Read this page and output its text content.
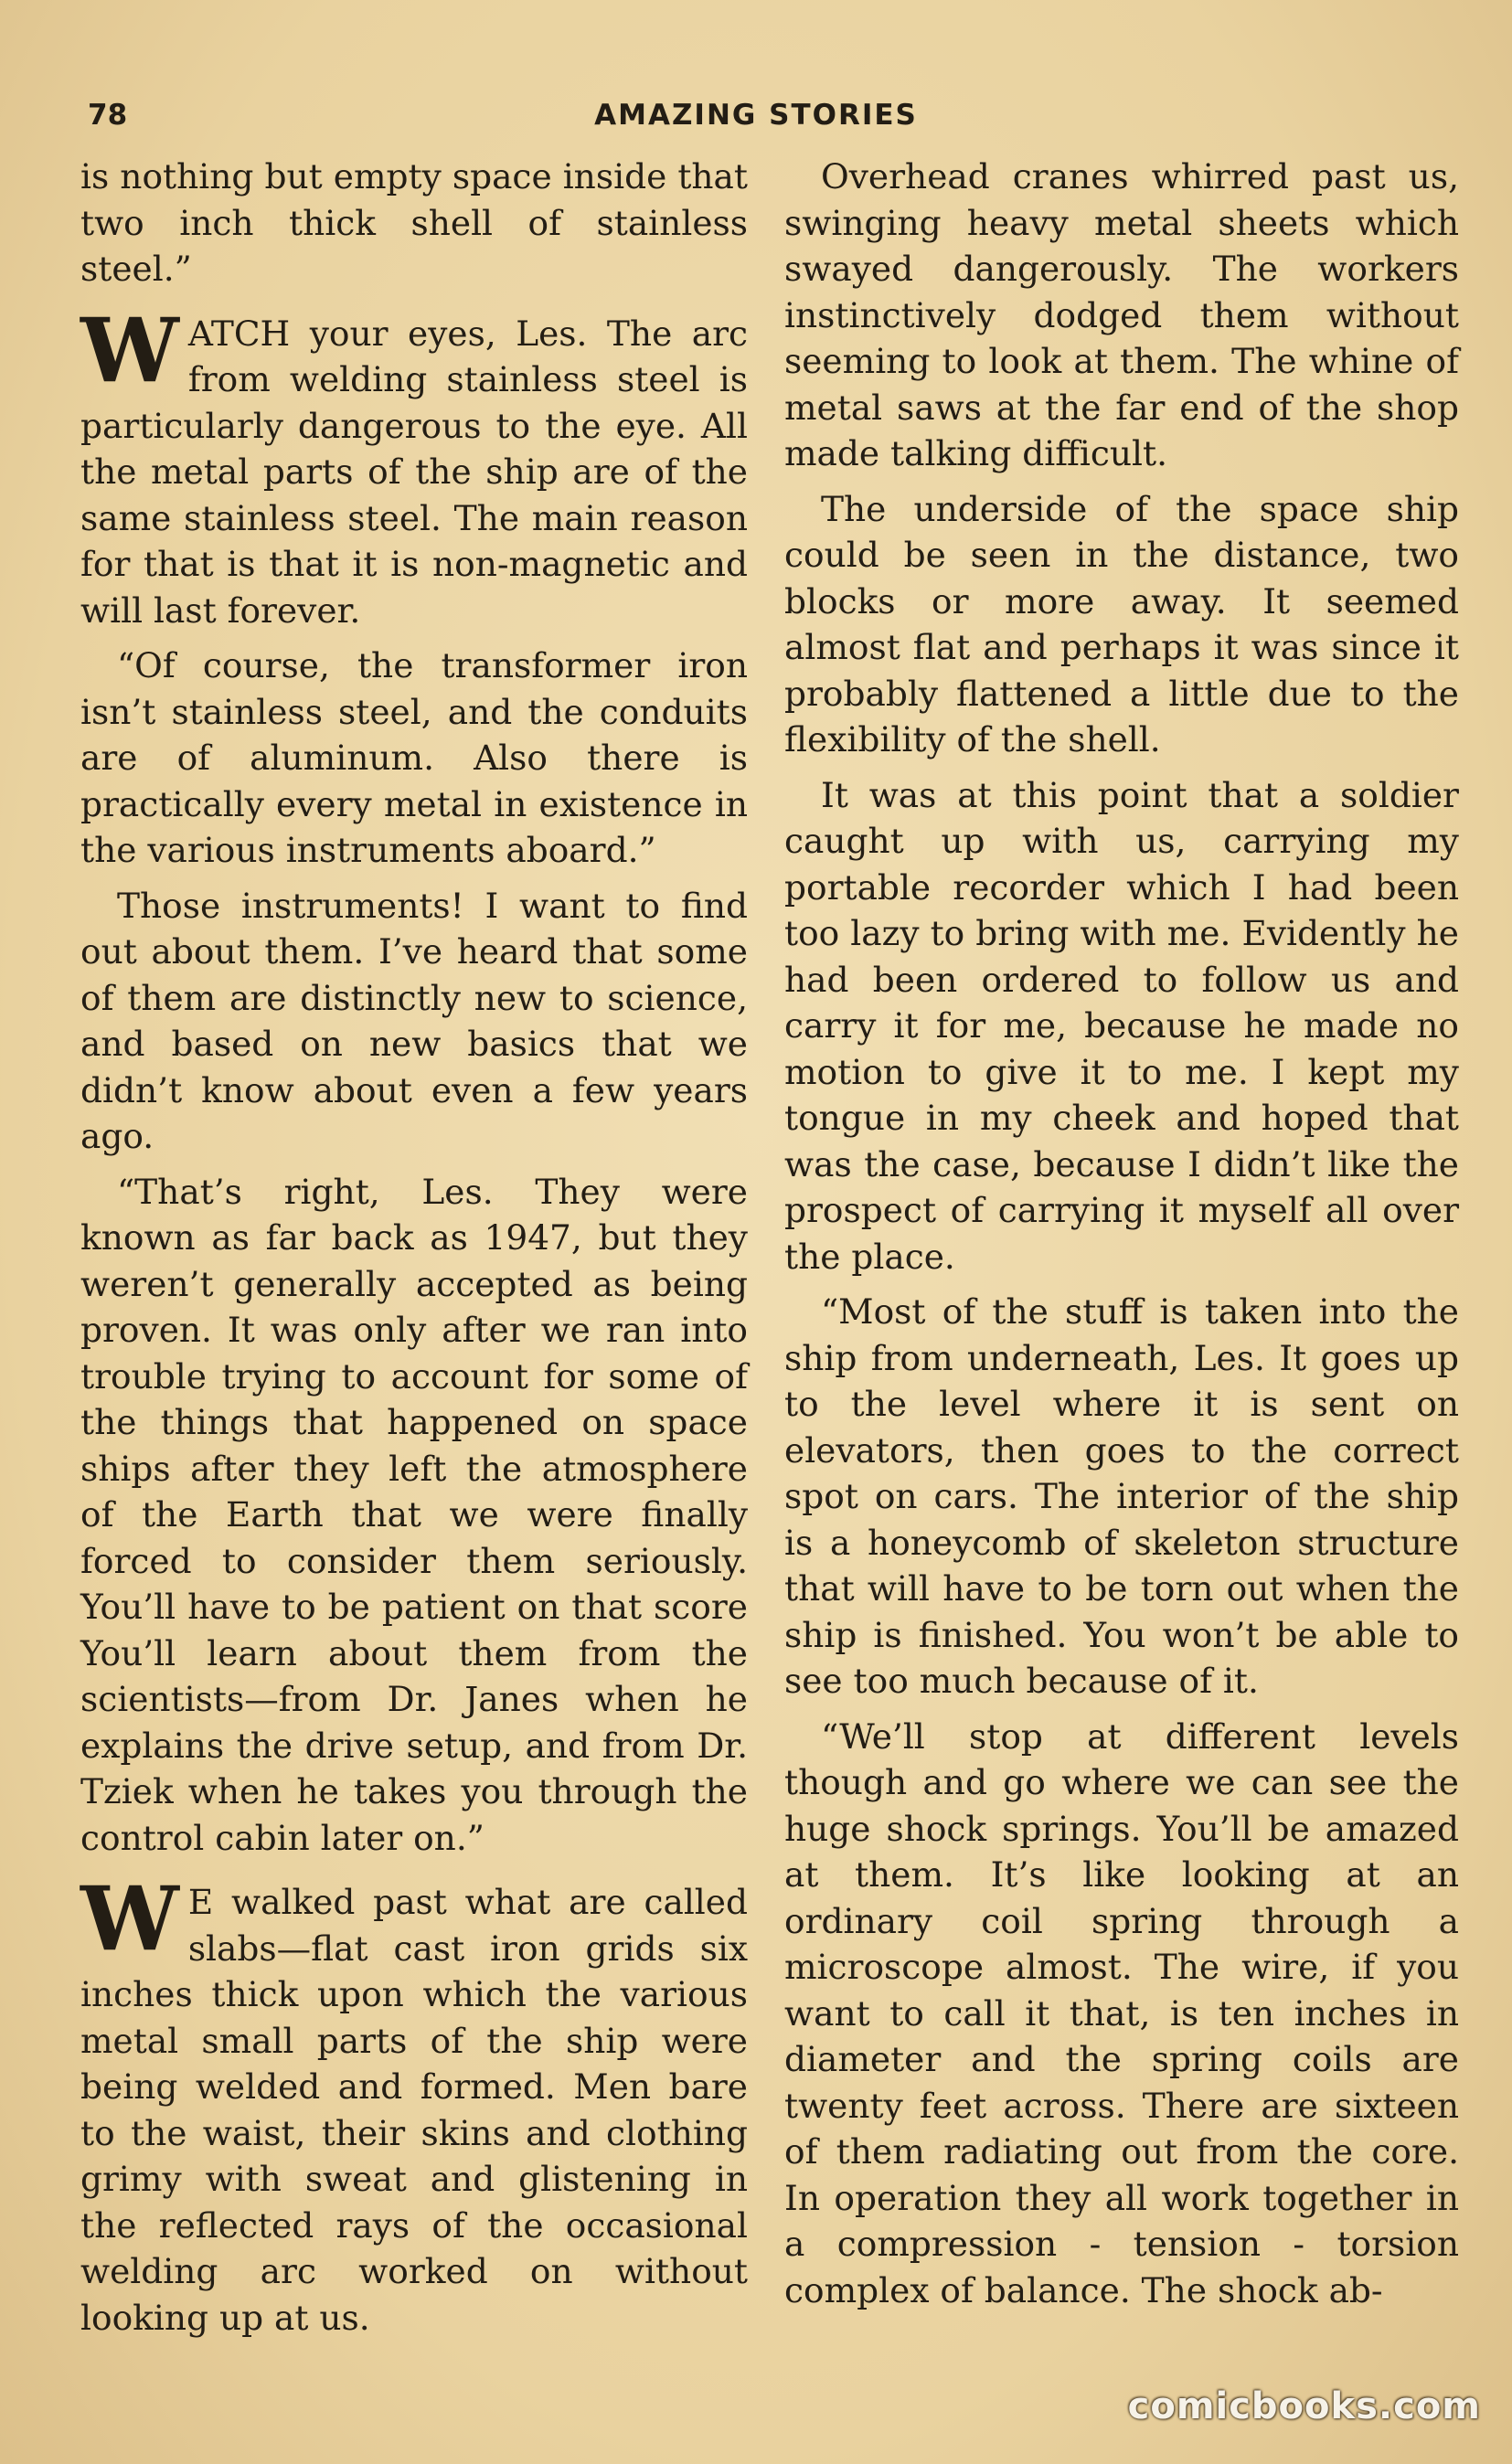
78	AMAZING STORIES

is nothing but empty space inside that two inch thick shell of stainless steel.”

WATCH your eyes, Les. The arc from welding stainless steel is particularly dangerous to the eye. All the metal parts of the ship are of the same stainless steel. The main reason for that is that it is non-magnetic and will last forever.

“Of course, the transformer iron isn’t stainless steel, and the conduits are of aluminum. Also there is practically every metal in existence in the various instruments aboard.”

Those instruments! I want to find out about them. I’ve heard that some of them are distinctly new to science, and based on new basics that we didn’t know about even a few years ago.

“That’s right, Les. They were known as far back as 1947, but they weren’t generally accepted as being proven. It was only after we ran into trouble trying to account for some of the things that happened on space ships after they left the atmosphere of the Earth that we were finally forced to consider them seriously. You’ll have to be patient on that score You’ll learn about them from the scientists—from Dr. Janes when he explains the drive setup, and from Dr. Tziek when he takes you through the control cabin later on.”

W E walked past what are called slabs—flat cast iron grids six inches thick upon which the various metal small parts of the ship were being welded and formed. Men bare to the waist, their skins and clothing grimy with sweat and glistening in the reflected rays of the occasional welding arc worked on without looking up at us.

Overhead cranes whirred past us, swinging heavy metal sheets which swayed dangerously. The workers instinctively dodged them without seeming to look at them. The whine of metal saws at the far end of the shop made talking difficult.

The underside of the space ship could be seen in the distance, two blocks or more away. It seemed almost flat and perhaps it was since it probably flattened a little due to the flexibility of the shell.

It was at this point that a soldier caught up with us, carrying my portable recorder which I had been too lazy to bring with me. Evidently he had been ordered to follow us and carry it for me, because he made no motion to give it to me. I kept my tongue in my cheek and hoped that was the case, because I didn’t like the prospect of carrying it myself all over the place.

“Most of the stuff is taken into the ship from underneath, Les. It goes up to the level where it is sent on elevators, then goes to the correct spot on cars. The interior of the ship is a honeycomb of skeleton structure that will have to be torn out when the ship is finished. You won’t be able to see too much because of it.

“We’ll stop at different levels though and go where we can see the huge shock springs. You’ll be amazed at them. It’s like looking at an ordinary coil spring through a microscope almost. The wire, if you want to call it that, is ten inches in diameter and the spring coils are twenty feet across. There are sixteen of them radiating out from the core. In operation they all work together in a compression - tension - torsion complex of balance. The shock ab-

comicbooks.com
